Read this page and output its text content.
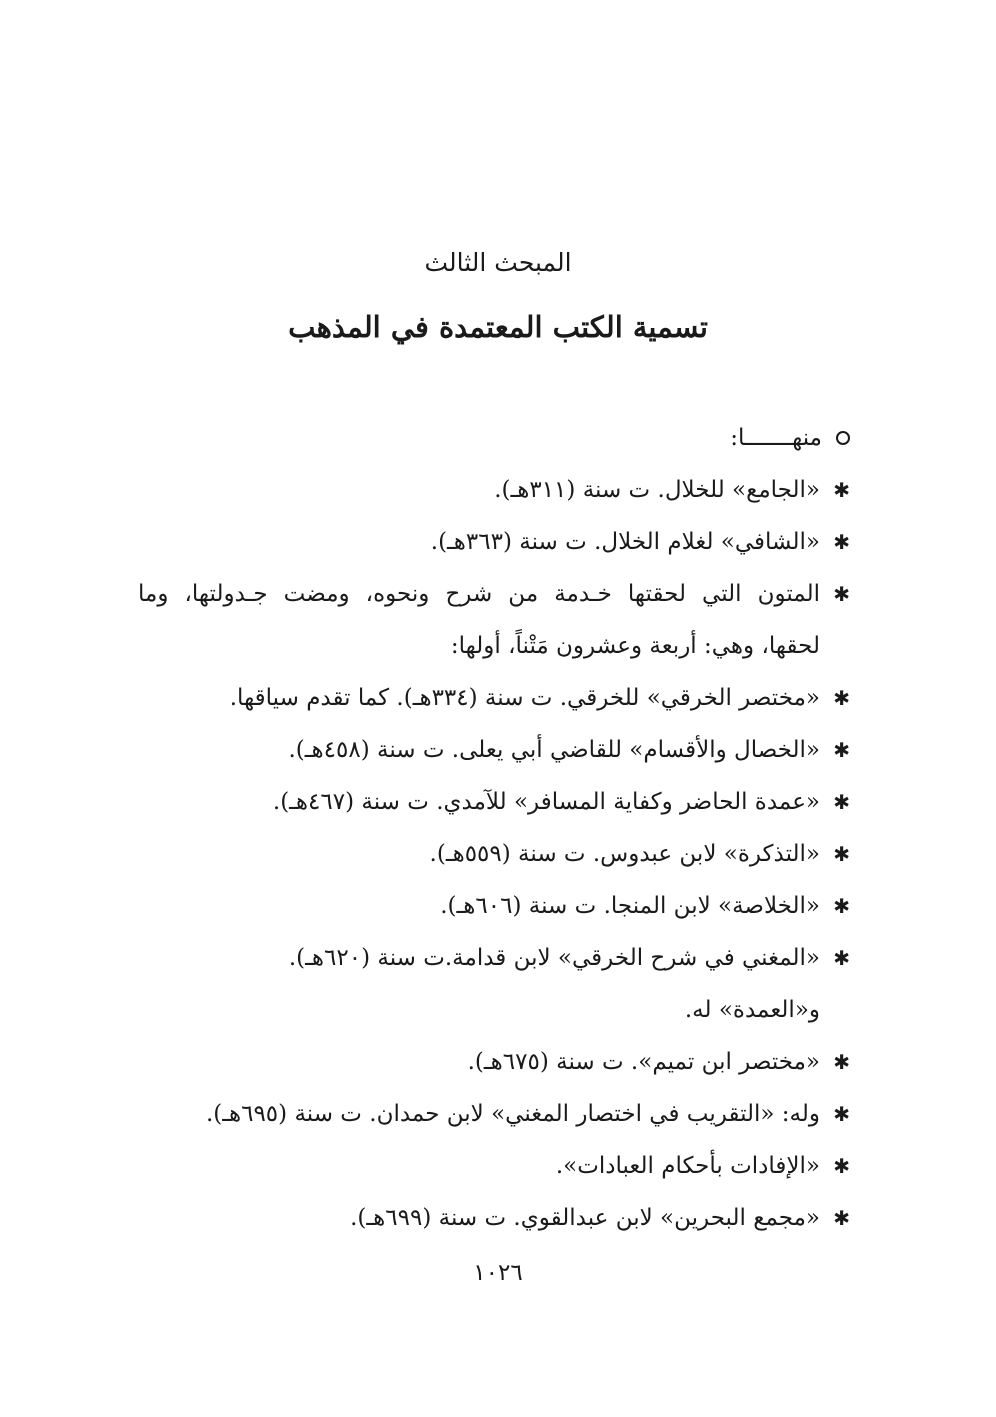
المبحث الثالث
تسمية الكتب المعتمدة في المذهب
منهـــــــا:
✱
«الجامع» للخلال. ت سنة (٣١١هـ).
✱
«الشافي» لغلام الخلال. ت سنة (٣٦٣هـ).
✱
المتون التي لحقتها خـدمة من شرح ونحوه، ومضت جـدولتها، وما
لحقها، وهي: أربعة وعشرون مَتْناً، أولها:
✱
«مختصر الخرقي» للخرقي. ت سنة (٣٣٤هـ). كما تقدم سياقها.
✱
«الخصال والأقسام» للقاضي أبي يعلى. ت سنة (٤٥٨هـ).
✱
«عمدة الحاضر وكفاية المسافر» للآمدي. ت سنة (٤٦٧هـ).
✱
«التذكرة» لابن عبدوس. ت سنة (٥٥٩هـ).
✱
«الخلاصة» لابن المنجا. ت سنة (٦٠٦هـ).
✱
«المغني في شرح الخرقي» لابن قدامة.ت سنة (٦٢٠هـ).
و«العمدة» له.
✱
«مختصر ابن تميم». ت سنة (٦٧٥هـ).
✱
وله: «التقريب في اختصار المغني» لابن حمدان. ت سنة (٦٩٥هـ).
✱
«الإفادات بأحكام العبادات».
✱
«مجمع البحرين» لابن عبدالقوي. ت سنة (٦٩٩هـ).
١٠٢٦
